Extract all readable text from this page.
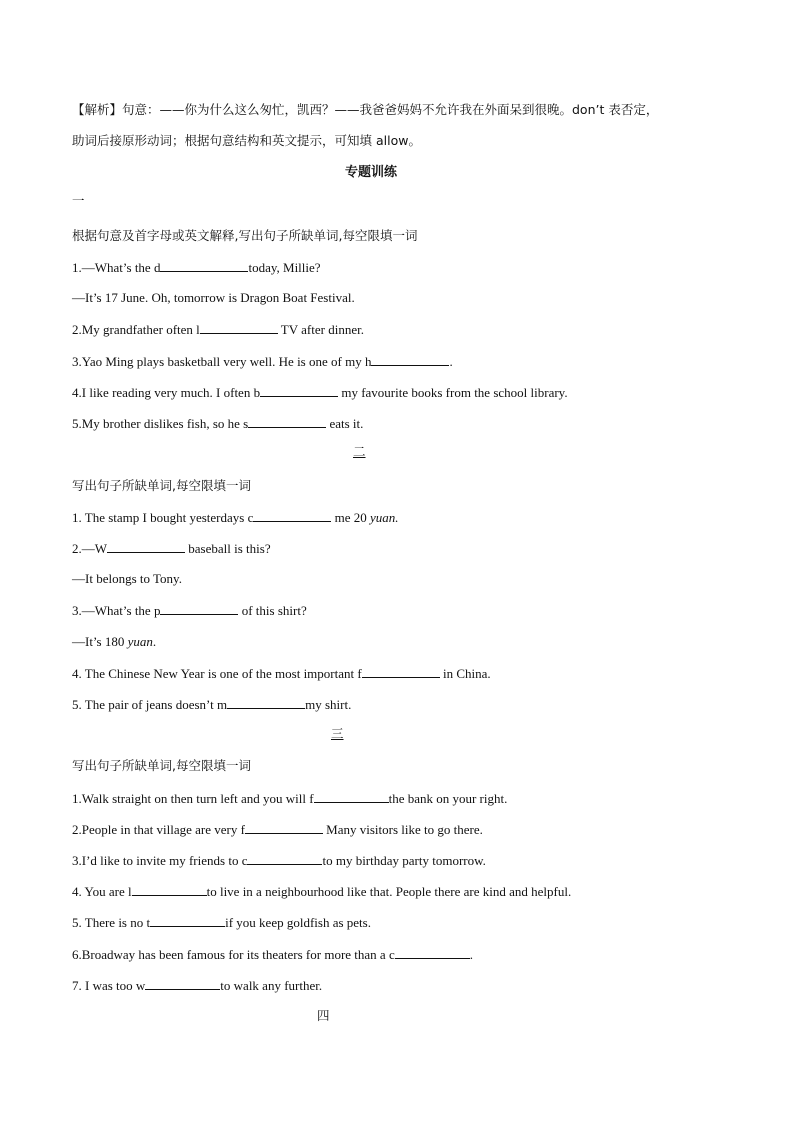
【解析】句意：——你为什么这么匆忙，凯西？——我爸爸妈妈不允许我在外面呆到很晚。don’t 表否定，
助词后接原形动词；根据句意结构和英文提示，可知填 allow。
专题训练
一
根据句意及首字母或英文解释,写出句子所缺单词,每空限填一词
1.—What’s the d	today, Millie?
—It’s 17 June. Oh, tomorrow is Dragon Boat Festival.
2.My grandfather often l	TV after dinner.
3.Yao Ming plays basketball very well. He is one of my h	.
4.I like reading very much. I often b	my favourite books from the school library.
5.My brother dislikes fish, so he s	eats it.
二
写出句子所缺单词,每空限填一词
1. The stamp I bought yesterdays c	me 20 yuan.
2.—W	baseball is this?
—It belongs to Tony.
3.—What’s the p	of this shirt?
—It’s 180 yuan.
4. The Chinese New Year is one of the most important f	in China.
5. The pair of jeans doesn’t m	my shirt.
三
写出句子所缺单词,每空限填一词
1.Walk straight on then turn left and you will f	the bank on your right.
2.People in that village are very f	Many visitors like to go there.
3.I’d like to invite my friends to c	to my birthday party tomorrow.
4. You are l	to live in a neighbourhood like that. People there are kind and helpful.
5. There is no t	if you keep goldfish as pets.
6.Broadway has been famous for its theaters for more than a c	.
7. I was too w	to walk any further.
四
